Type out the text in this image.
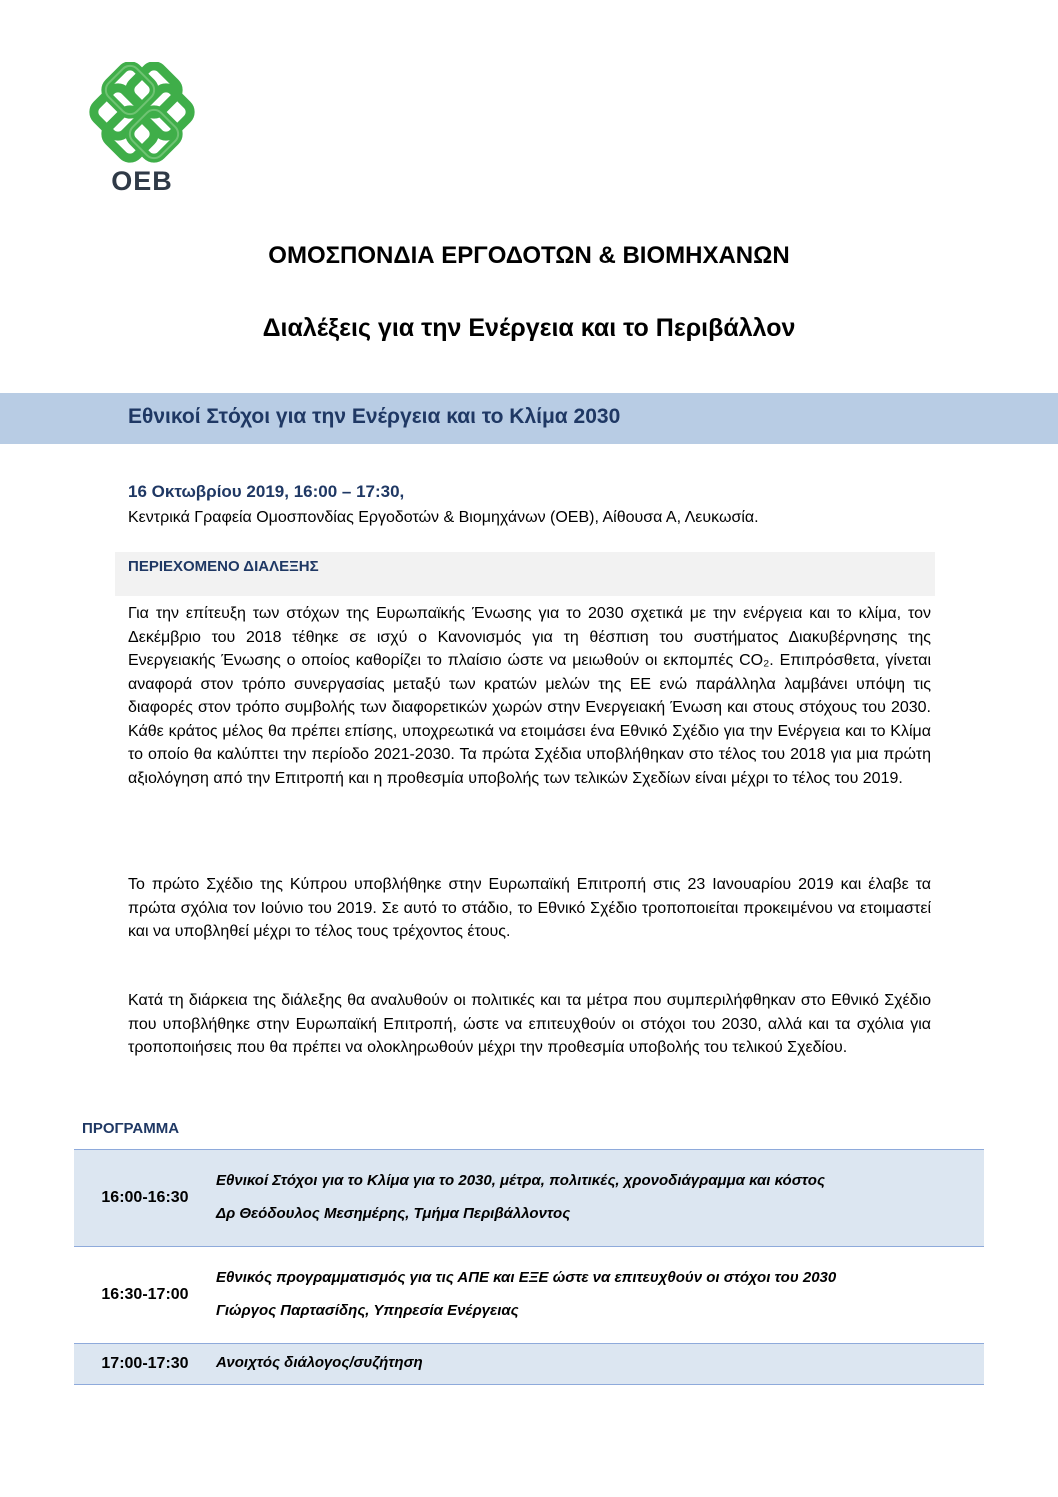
OEB
ΟΜΟΣΠΟΝΔΙΑ ΕΡΓΟΔΟΤΩΝ & ΒΙΟΜΗΧΑΝΩΝ
Διαλέξεις για την Ενέργεια και το Περιβάλλον
Εθνικοί Στόχοι για την Ενέργεια και το Κλίμα 2030
16 Οκτωβρίου 2019, 16:00 – 17:30,
Κεντρικά Γραφεία Ομοσπονδίας Εργοδοτών & Βιομηχάνων (ΟΕΒ), Αίθουσα Α, Λευκωσία.
ΠΕΡΙΕΧΟΜΕΝΟ ΔΙΑΛΕΞΗΣ

Για την επίτευξη των στόχων της Ευρωπαϊκής Ένωσης για το 2030 σχετικά με την ενέργεια και το κλίμα, τον Δεκέμβριο του 2018 τέθηκε σε ισχύ ο Κανονισμός για τη θέσπιση του συστήματος Διακυβέρνησης της Ενεργειακής Ένωσης ο οποίος καθορίζει το πλαίσιο ώστε να μειωθούν οι εκπομπές CO₂. Επιπρόσθετα, γίνεται αναφορά στον τρόπο συνεργασίας μεταξύ των κρατών μελών της ΕΕ ενώ παράλληλα λαμβάνει υπόψη τις διαφορές στον τρόπο συμβολής των διαφορετικών χωρών στην Ενεργειακή Ένωση και στους στόχους του 2030. Κάθε κράτος μέλος θα πρέπει επίσης, υποχρεωτικά να ετοιμάσει ένα Εθνικό Σχέδιο για την Ενέργεια και το Κλίμα το οποίο θα καλύπτει την περίοδο 2021-2030. Τα πρώτα Σχέδια υποβλήθηκαν στο τέλος του 2018 για μια πρώτη αξιολόγηση από την Επιτροπή και η προθεσμία υποβολής των τελικών Σχεδίων είναι μέχρι το τέλος του 2019.

Το πρώτο Σχέδιο της Κύπρου υποβλήθηκε στην Ευρωπαϊκή Επιτροπή στις 23 Ιανουαρίου 2019 και έλαβε τα πρώτα σχόλια τον Ιούνιο του 2019. Σε αυτό το στάδιο, το Εθνικό Σχέδιο τροποποιείται προκειμένου να ετοιμαστεί και να υποβληθεί μέχρι το τέλος τους τρέχοντος έτους.

Κατά τη διάρκεια της διάλεξης θα αναλυθούν οι πολιτικές και τα μέτρα που συμπεριλήφθηκαν στο Εθνικό Σχέδιο που υποβλήθηκε στην Ευρωπαϊκή Επιτροπή, ώστε να επιτευχθούν οι στόχοι του 2030, αλλά και τα σχόλια για τροποποιήσεις που θα πρέπει να ολοκληρωθούν μέχρι την προθεσμία υποβολής του τελικού Σχεδίου.

ΠΡΟΓΡΑΜΜΑ
16:00-16:30	Εθνικοί Στόχοι για το Κλίμα για το 2030, μέτρα, πολιτικές, χρονοδιάγραμμα και κόστος
Δρ Θεόδουλος Μεσημέρης, Τμήμα Περιβάλλοντος

16:30-17:00	Εθνικός προγραμματισμός για τις ΑΠΕ και ΕΞΕ ώστε να επιτευχθούν οι στόχοι του 2030
Γιώργος Παρτασίδης, Υπηρεσία Ενέργειας

17:00-17:30	Ανοιχτός διάλογος/συζήτηση
